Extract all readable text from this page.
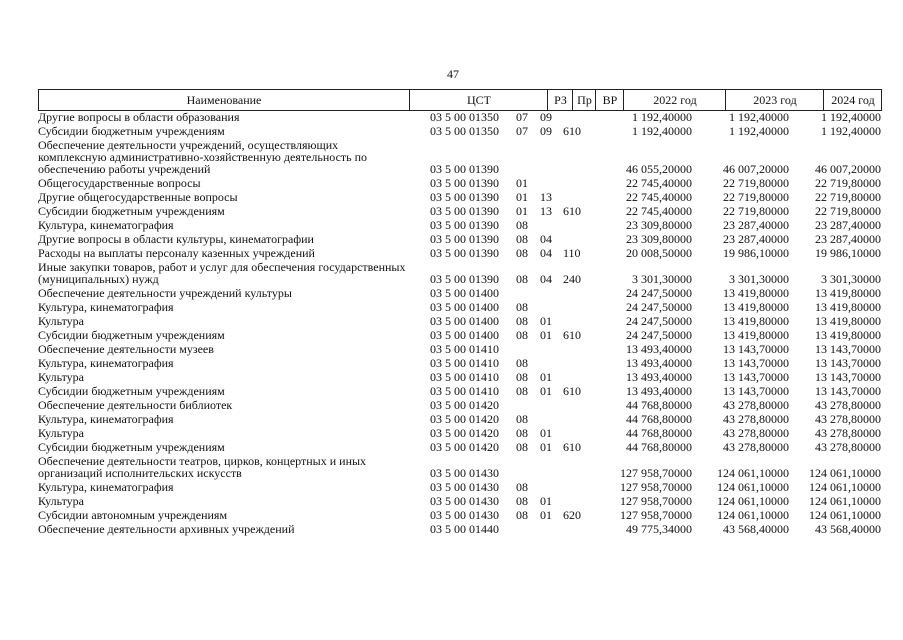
47
Наименование	ЦСТ	РЗ Пр ВР	2022 год	2023 год	2024 год
Другие вопросы в области образования	03 5 00 01350	07	09	1 192,40000	1 192,40000	1 192,40000
Субсидии бюджетным учреждениям	03 5 00 01350	07	09 610	1 192,40000	1 192,40000	1 192,40000
Обеспечение деятельности учреждений, осуществляющих комплексную административно-хозяйственную деятельность по обеспечению работы учреждений	03 5 00 01390	46 055,20000	46 007,20000	46 007,20000
Общегосударственные вопросы	03 5 00 01390	01	22 745,40000	22 719,80000	22 719,80000
Другие общегосударственные вопросы	03 5 00 01390	01	13	22 745,40000	22 719,80000	22 719,80000
Субсидии бюджетным учреждениям	03 5 00 01390	01	13 610	22 745,40000	22 719,80000	22 719,80000
Культура, кинематография	03 5 00 01390	08	23 309,80000	23 287,40000	23 287,40000
Другие вопросы в области культуры, кинематографии	03 5 00 01390	08	04	23 309,80000	23 287,40000	23 287,40000
Расходы на выплаты персоналу казенных учреждений	03 5 00 01390	08	04 110	20 008,50000	19 986,10000	19 986,10000
Иные закупки товаров, работ и услуг для обеспечения государственных (муниципальных) нужд	03 5 00 01390	08	04 240	3 301,30000	3 301,30000	3 301,30000
Обеспечение деятельности учреждений культуры	03 5 00 01400	24 247,50000	13 419,80000	13 419,80000
Культура, кинематография	03 5 00 01400	08	24 247,50000	13 419,80000	13 419,80000
Культура	03 5 00 01400	08	01	24 247,50000	13 419,80000	13 419,80000
Субсидии бюджетным учреждениям	03 5 00 01400	08	01 610	24 247,50000	13 419,80000	13 419,80000
Обеспечение деятельности музеев	03 5 00 01410	13 493,40000	13 143,70000	13 143,70000
Культура, кинематография	03 5 00 01410	08	13 493,40000	13 143,70000	13 143,70000
Культура	03 5 00 01410	08	01	13 493,40000	13 143,70000	13 143,70000
Субсидии бюджетным учреждениям	03 5 00 01410	08	01 610	13 493,40000	13 143,70000	13 143,70000
Обеспечение деятельности библиотек	03 5 00 01420	44 768,80000	43 278,80000	43 278,80000
Культура, кинематография	03 5 00 01420	08	44 768,80000	43 278,80000	43 278,80000
Культура	03 5 00 01420	08	01	44 768,80000	43 278,80000	43 278,80000
Субсидии бюджетным учреждениям	03 5 00 01420	08	01 610	44 768,80000	43 278,80000	43 278,80000
Обеспечение деятельности театров, цирков, концертных и иных организаций исполнительских искусств	03 5 00 01430	127 958,70000	124 061,10000	124 061,10000
Культура, кинематография	03 5 00 01430	08	127 958,70000	124 061,10000	124 061,10000
Культура	03 5 00 01430	08	01	127 958,70000	124 061,10000	124 061,10000
Субсидии автономным учреждениям	03 5 00 01430	08	01 620	127 958,70000	124 061,10000	124 061,10000
Обеспечение деятельности архивных учреждений	03 5 00 01440	49 775,34000	43 568,40000	43 568,40000
